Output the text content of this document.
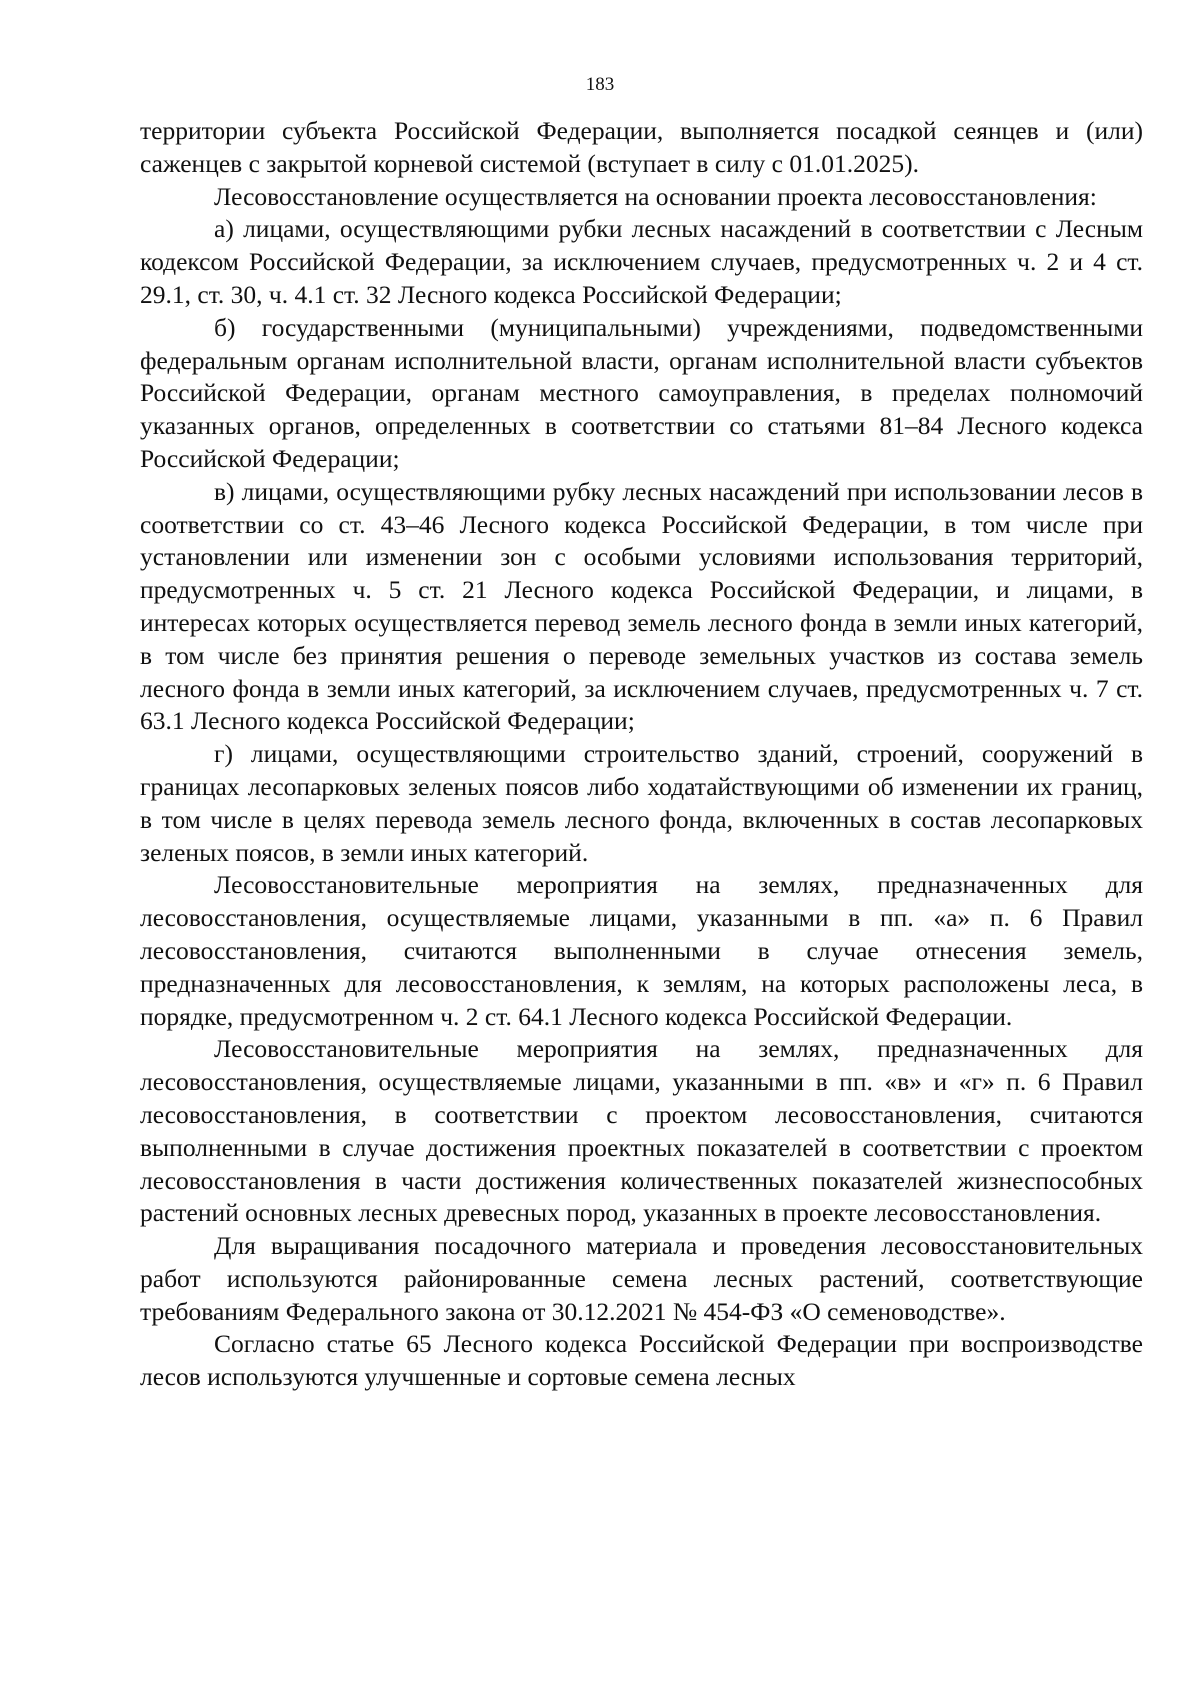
183

территории субъекта Российской Федерации, выполняется посадкой сеянцев и (или) саженцев с закрытой корневой системой (вступает в силу с 01.01.2025).

Лесовосстановление осуществляется на основании проекта лесовосстановления:

а) лицами, осуществляющими рубки лесных насаждений в соответствии с Лесным кодексом Российской Федерации, за исключением случаев, предусмотренных ч. 2 и 4 ст. 29.1, ст. 30, ч. 4.1 ст. 32 Лесного кодекса Российской Федерации;

б) государственными (муниципальными) учреждениями, подведомственными федеральным органам исполнительной власти, органам исполнительной власти субъектов Российской Федерации, органам местного самоуправления, в пределах полномочий указанных органов, определенных в соответствии со статьями 81–84 Лесного кодекса Российской Федерации;

в) лицами, осуществляющими рубку лесных насаждений при использовании лесов в соответствии со ст. 43–46 Лесного кодекса Российской Федерации, в том числе при установлении или изменении зон с особыми условиями использования территорий, предусмотренных ч. 5 ст. 21 Лесного кодекса Российской Федерации, и лицами, в интересах которых осуществляется перевод земель лесного фонда в земли иных категорий, в том числе без принятия решения о переводе земельных участков из состава земель лесного фонда в земли иных категорий, за исключением случаев, предусмотренных ч. 7 ст. 63.1 Лесного кодекса Российской Федерации;

г) лицами, осуществляющими строительство зданий, строений, сооружений в границах лесопарковых зеленых поясов либо ходатайствующими об изменении их границ, в том числе в целях перевода земель лесного фонда, включенных в состав лесопарковых зеленых поясов, в земли иных категорий.

Лесовосстановительные мероприятия на землях, предназначенных для лесовосстановления, осуществляемые лицами, указанными в пп. «а» п. 6 Правил лесовосстановления, считаются выполненными в случае отнесения земель, предназначенных для лесовосстановления, к землям, на которых расположены леса, в порядке, предусмотренном ч. 2 ст. 64.1 Лесного кодекса Российской Федерации.

Лесовосстановительные мероприятия на землях, предназначенных для лесовосстановления, осуществляемые лицами, указанными в пп. «в» и «г» п. 6 Правил лесовосстановления, в соответствии с проектом лесовосстановления, считаются выполненными в случае достижения проектных показателей в соответствии с проектом лесовосстановления в части достижения количественных показателей жизнеспособных растений основных лесных древесных пород, указанных в проекте лесовосстановления.

Для выращивания посадочного материала и проведения лесовосстановительных работ используются районированные семена лесных растений, соответствующие требованиям Федерального закона от 30.12.2021 № 454-ФЗ «О семеноводстве».

Согласно статье 65 Лесного кодекса Российской Федерации при воспроизводстве лесов используются улучшенные и сортовые семена лесных
